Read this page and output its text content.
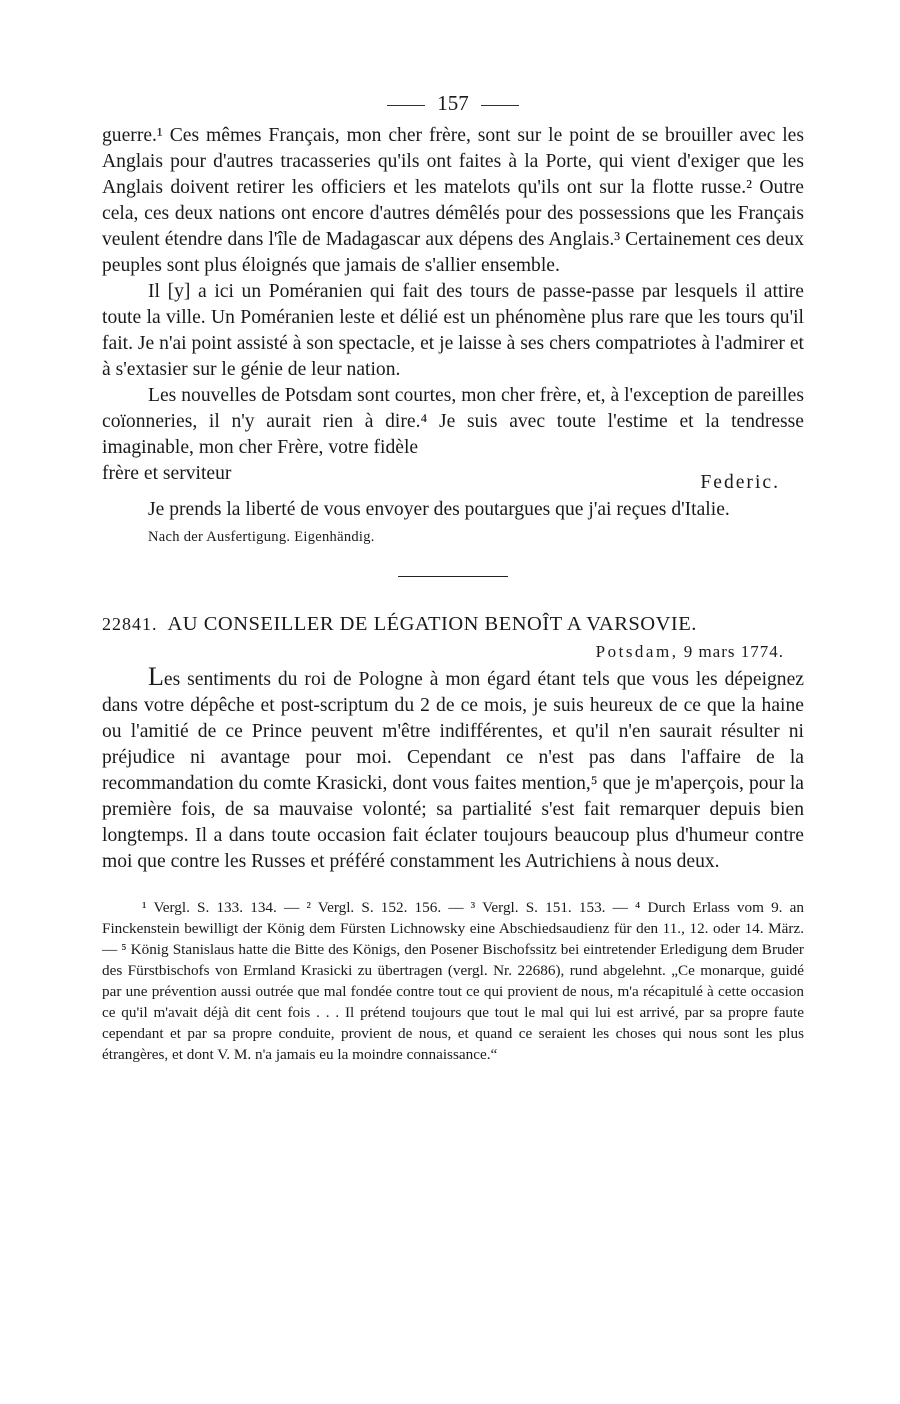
157

guerre.¹ Ces mêmes Français, mon cher frère, sont sur le point de se brouiller avec les Anglais pour d'autres tracasseries qu'ils ont faites à la Porte, qui vient d'exiger que les Anglais doivent retirer les officiers et les matelots qu'ils ont sur la flotte russe.² Outre cela, ces deux nations ont encore d'autres démêlés pour des possessions que les Français veulent étendre dans l'île de Madagascar aux dépens des Anglais.³ Certainement ces deux peuples sont plus éloignés que jamais de s'allier ensemble.

Il [y] a ici un Poméranien qui fait des tours de passe-passe par lesquels il attire toute la ville. Un Poméranien leste et délié est un phénomène plus rare que les tours qu'il fait. Je n'ai point assisté à son spectacle, et je laisse à ses chers compatriotes à l'admirer et à s'extasier sur le génie de leur nation.

Les nouvelles de Potsdam sont courtes, mon cher frère, et, à l'exception de pareilles coïonneries, il n'y aurait rien à dire.⁴ Je suis avec toute l'estime et la tendresse imaginable, mon cher Frère, votre fidèle

frère et serviteur	Federic.

Je prends la liberté de vous envoyer des poutargues que j'ai reçues d'Italie.

Nach der Ausfertigung. Eigenhändig.
22841. AU CONSEILLER DE LÉGATION BENOÎT A VARSOVIE.
Potsdam, 9 mars 1774.

Les sentiments du roi de Pologne à mon égard étant tels que vous les dépeignez dans votre dépêche et post-scriptum du 2 de ce mois, je suis heureux de ce que la haine ou l'amitié de ce Prince peuvent m'être indifférentes, et qu'il n'en saurait résulter ni préjudice ni avantage pour moi. Cependant ce n'est pas dans l'affaire de la recommandation du comte Krasicki, dont vous faites mention,⁵ que je m'aperçois, pour la première fois, de sa mauvaise volonté; sa partialité s'est fait remarquer depuis bien longtemps. Il a dans toute occasion fait éclater toujours beaucoup plus d'humeur contre moi que contre les Russes et préféré constamment les Autrichiens à nous deux.

¹ Vergl. S. 133. 134. — ² Vergl. S. 152. 156. — ³ Vergl. S. 151. 153. — ⁴ Durch Erlass vom 9. an Finckenstein bewilligt der König dem Fürsten Lichnowsky eine Abschiedsaudienz für den 11., 12. oder 14. März. — ⁵ König Stanislaus hatte die Bitte des Königs, den Posener Bischofssitz bei eintretender Erledigung dem Bruder des Fürstbischofs von Ermland Krasicki zu übertragen (vergl. Nr. 22686), rund abgelehnt. „Ce monarque, guidé par une prévention aussi outrée que mal fondée contre tout ce qui provient de nous, m'a récapitulé à cette occasion ce qu'il m'avait déjà dit cent fois . . . Il prétend toujours que tout le mal qui lui est arrivé, par sa propre faute cependant et par sa propre conduite, provient de nous, et quand ce seraient les choses qui nous sont les plus étrangères, et dont V. M. n'a jamais eu la moindre connaissance.“
